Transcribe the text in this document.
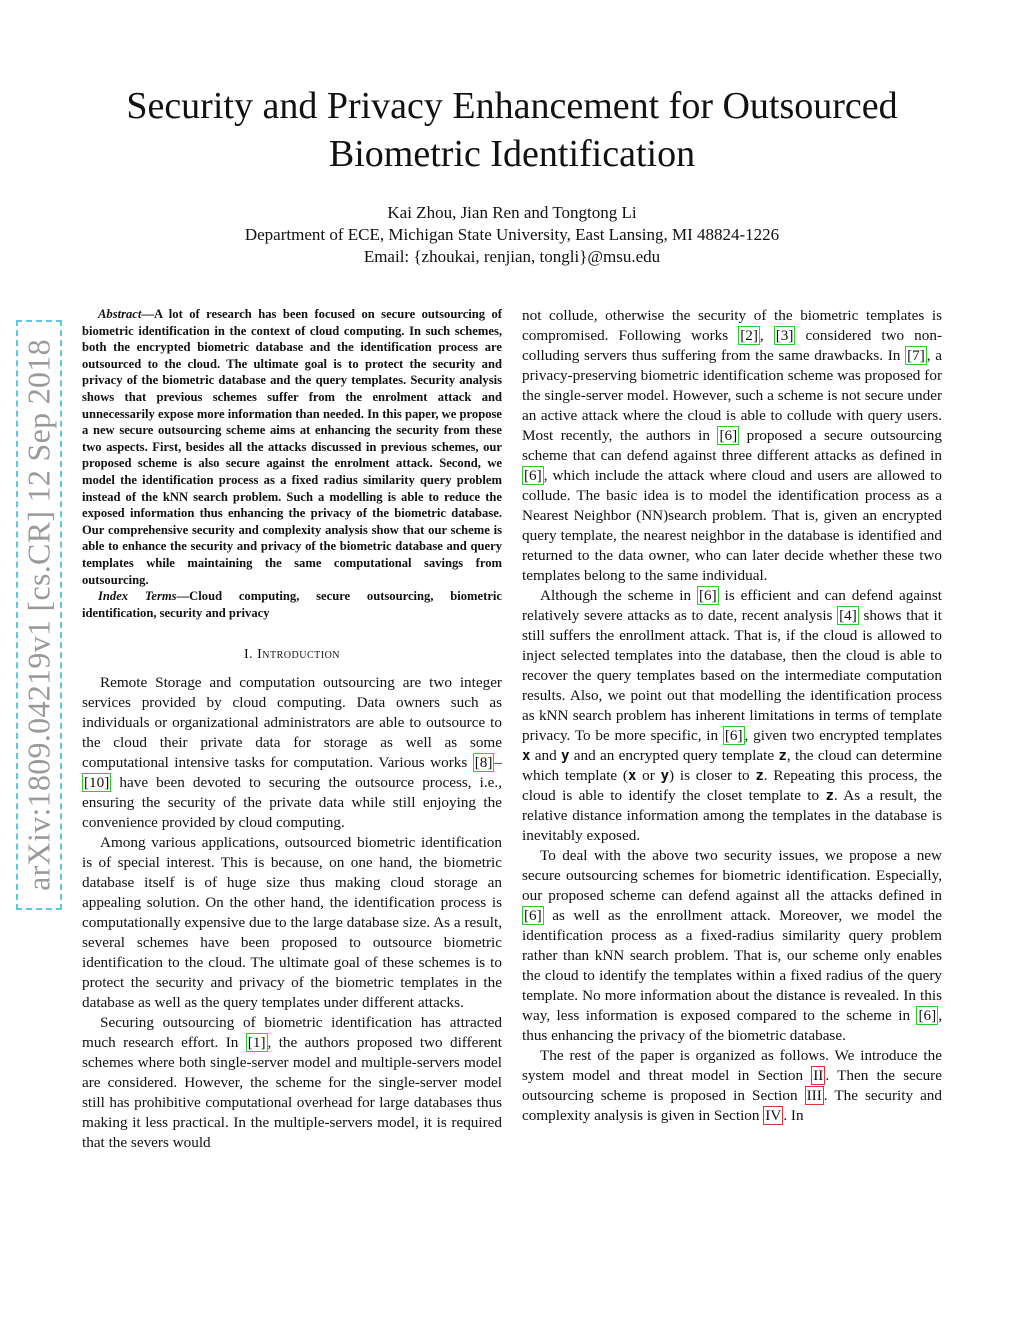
Security and Privacy Enhancement for Outsourced Biometric Identification
Kai Zhou, Jian Ren and Tongtong Li
Department of ECE, Michigan State University, East Lansing, MI 48824-1226
Email: {zhoukai, renjian, tongli}@msu.edu
arXiv:1809.04219v1 [cs.CR] 12 Sep 2018

Abstract—A lot of research has been focused on secure outsourcing of biometric identification in the context of cloud computing. In such schemes, both the encrypted biometric database and the identification process are outsourced to the cloud. The ultimate goal is to protect the security and privacy of the biometric database and the query templates. Security analysis shows that previous schemes suffer from the enrolment attack and unnecessarily expose more information than needed. In this paper, we propose a new secure outsourcing scheme aims at enhancing the security from these two aspects. First, besides all the attacks discussed in previous schemes, our proposed scheme is also secure against the enrolment attack. Second, we model the identification process as a fixed radius similarity query problem instead of the kNN search problem. Such a modelling is able to reduce the exposed information thus enhancing the privacy of the biometric database. Our comprehensive security and complexity analysis show that our scheme is able to enhance the security and privacy of the biometric database and query templates while maintaining the same computational savings from outsourcing.

Index Terms—Cloud computing, secure outsourcing, biometric identification, security and privacy

I. Introduction

Remote Storage and computation outsourcing are two integer services provided by cloud computing. Data owners such as individuals or organizational administrators are able to outsource to the cloud their private data for storage as well as some computational intensive tasks for computation. Various works [8] –[10] have been devoted to securing the outsource process, i.e., ensuring the security of the private data while still enjoying the convenience provided by cloud computing.

Among various applications, outsourced biometric identification is of special interest. This is because, on one hand, the biometric database itself is of huge size thus making cloud storage an appealing solution. On the other hand, the identification process is computationally expensive due to the large database size. As a result, several schemes have been proposed to outsource biometric identification to the cloud. The ultimate goal of these schemes is to protect the security and privacy of the biometric templates in the database as well as the query templates under different attacks.

Securing outsourcing of biometric identification has attracted much research effort. In [1] , the authors proposed two different schemes where both single-server model and multiple-servers model are considered. However, the scheme for the single-server model still has prohibitive computational overhead for large databases thus making it less practical. In the multiple-servers model, it is required that the severs would

not collude, otherwise the security of the biometric templates is compromised. Following works [2] , [3] considered two non-colluding servers thus suffering from the same drawbacks. In [7] , a privacy-preserving biometric identification scheme was proposed for the single-server model. However, such a scheme is not secure under an active attack where the cloud is able to collude with query users. Most recently, the authors in [6] proposed a secure outsourcing scheme that can defend against three different attacks as defined in [6] , which include the attack where cloud and users are allowed to collude. The basic idea is to model the identification process as a Nearest Neighbor (NN)search problem. That is, given an encrypted query template, the nearest neighbor in the database is identified and returned to the data owner, who can later decide whether these two templates belong to the same individual.

Although the scheme in [6] is efficient and can defend against relatively severe attacks as to date, recent analysis [4] shows that it still suffers the enrollment attack. That is, if the cloud is allowed to inject selected templates into the database, then the cloud is able to recover the query templates based on the intermediate computation results. Also, we point out that modelling the identification process as kNN search problem has inherent limitations in terms of template privacy. To be more specific, in [6] , given two encrypted templates x and y and an encrypted query template z, the cloud can determine which template (x or y) is closer to z. Repeating this process, the cloud is able to identify the closet template to z. As a result, the relative distance information among the templates in the database is inevitably exposed.

To deal with the above two security issues, we propose a new secure outsourcing schemes for biometric identification. Especially, our proposed scheme can defend against all the attacks defined in [6] as well as the enrollment attack. Moreover, we model the identification process as a fixed-radius similarity query problem rather than kNN search problem. That is, our scheme only enables the cloud to identify the templates within a fixed radius of the query template. No more information about the distance is revealed. In this way, less information is exposed compared to the scheme in [6] , thus enhancing the privacy of the biometric database.

The rest of the paper is organized as follows. We introduce the system model and threat model in Section II . Then the secure outsourcing scheme is proposed in Section III . The security and complexity analysis is given in Section IV . In
